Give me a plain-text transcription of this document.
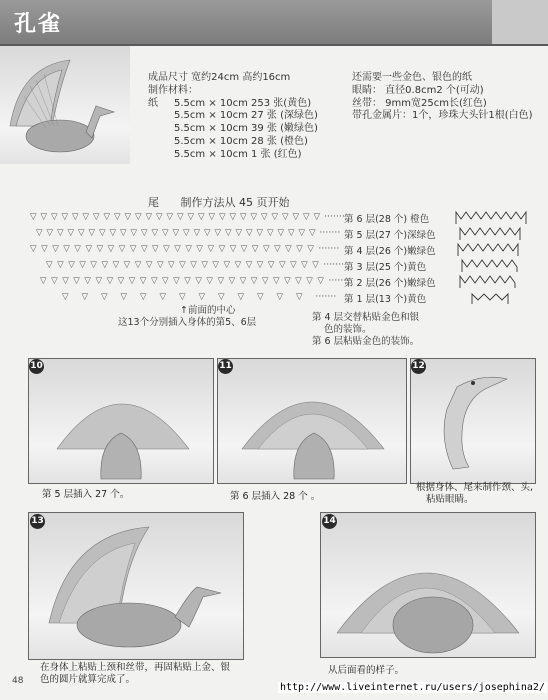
孔雀
成品尺寸 宽约24cm 高约16cm
制作材料：
纸 5.5cm × 10cm 253 张(黄色)
5.5cm × 10cm 27 张 (深绿色)
5.5cm × 10cm 39 张 (嫩绿色)
5.5cm × 10cm 28 张 (橙色)
5.5cm × 10cm 1 张 (红色)
还需要一些金色、银色的纸
眼睛： 直径0.8cm2 个(可动)
丝带： 9mm宽25cm长(红色)
带孔金属片：1个，珍珠大头针1根(白色)
尾 制作方法从 45 页开始
▽ ▽ ▽ ▽ ▽ ▽ ▽ ▽ ▽ ▽ ▽ ▽ ▽ ▽ ▽ ▽ ▽ ▽ ▽ ▽ ▽ ▽ ▽ ▽ ▽ ▽ ▽ ▽ ·······
第 6 层(28 个) 橙色
▽ ▽ ▽ ▽ ▽ ▽ ▽ ▽ ▽ ▽ ▽ ▽ ▽ ▽ ▽ ▽ ▽ ▽ ▽ ▽ ▽ ▽ ▽ ▽ ▽ ▽ ▽ ······· 第 5 层(27 个)深绿色
▽ ▽ ▽ ▽ ▽ ▽ ▽ ▽ ▽ ▽ ▽ ▽ ▽ ▽ ▽ ▽ ▽ ▽ ▽ ▽ ▽ ▽ ▽ ▽ ▽ ▽ ······· 第 4 层(26 个)嫩绿色
▽ ▽ ▽ ▽ ▽ ▽ ▽ ▽ ▽ ▽ ▽ ▽ ▽ ▽ ▽ ▽ ▽ ▽ ▽ ▽ ▽ ▽ ▽ ▽ ▽ ······· 第 3 层(25 个)黄色
▽ ▽ ▽ ▽ ▽ ▽ ▽ ▽ ▽ ▽ ▽ ▽ ▽ ▽ ▽ ▽ ▽ ▽ ▽ ▽ ▽ ▽ ▽ ▽ ▽ ▽ ·······
第 2 层(26 个)嫩绿色
▽ ▽ ▽ ▽ ▽ ▽ ▽ ▽ ▽ ▽ ▽ ▽ ▽ ······· 第 1 层(13 个)黄色
↑前面的中心
这13个分别插入身体的第5、6层	第 4 层交替粘贴金色和银
色的装饰。
第 6 层粘贴金色的装饰。
10
第 5 层插入 27 个。
11
第 6 层插入 28 个 。
12
根据身体、尾来制作颈、头,
粘贴眼睛。
13
在身体上粘贴上颈和丝带，再固粘贴上金、银
色的圆片就算完成了。
14
从后面看的样子。
48
http://www.liveinternet.ru/users/josephina2/
